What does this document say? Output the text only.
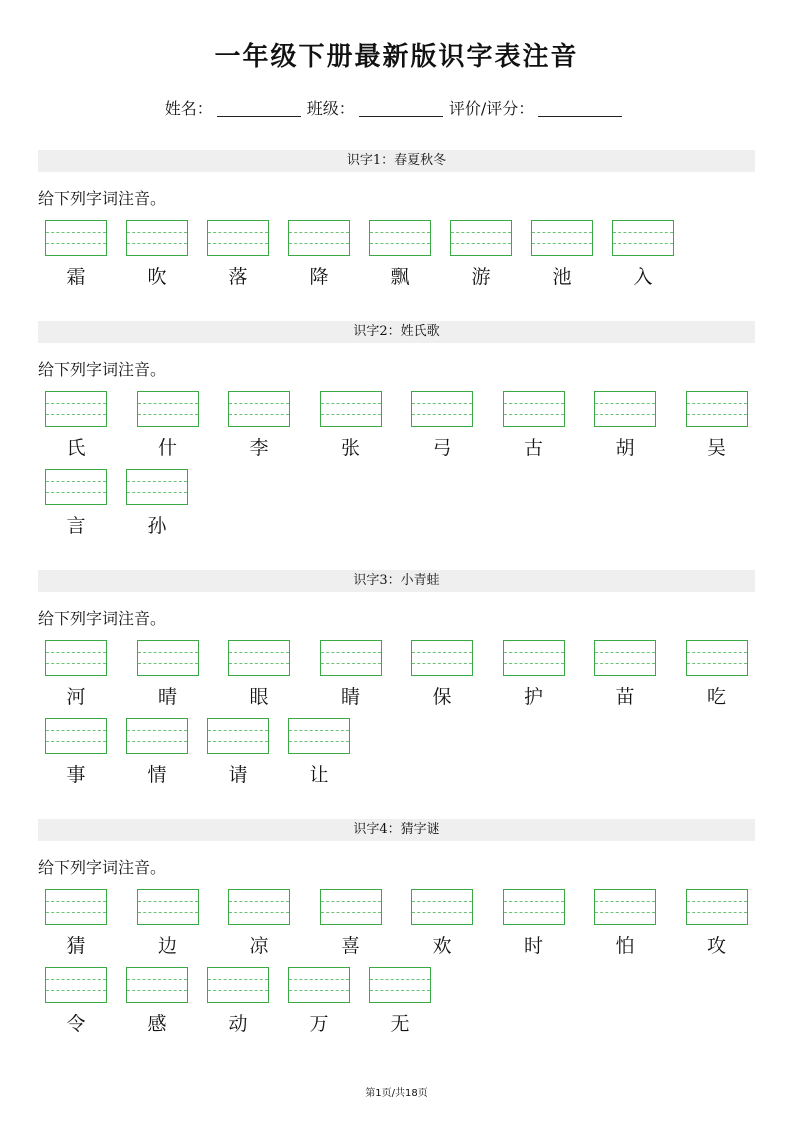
一年级下册最新版识字表注音
姓名：	班级：	评价/评分：
识字1：春夏秋冬
给下列字词注音。
霜	吹	落	降	飘	游	池	入
识字2：姓氏歌
给下列字词注音。
氏	什	李	张	弓	古	胡	吴
言	孙
识字3：小青蛙
给下列字词注音。
河	晴	眼	睛	保	护	苗	吃
事	情	请	让
识字4：猜字谜
给下列字词注音。
猜	边	凉	喜	欢	时	怕	攻
令	感	动	万	无
第1页/共18页
